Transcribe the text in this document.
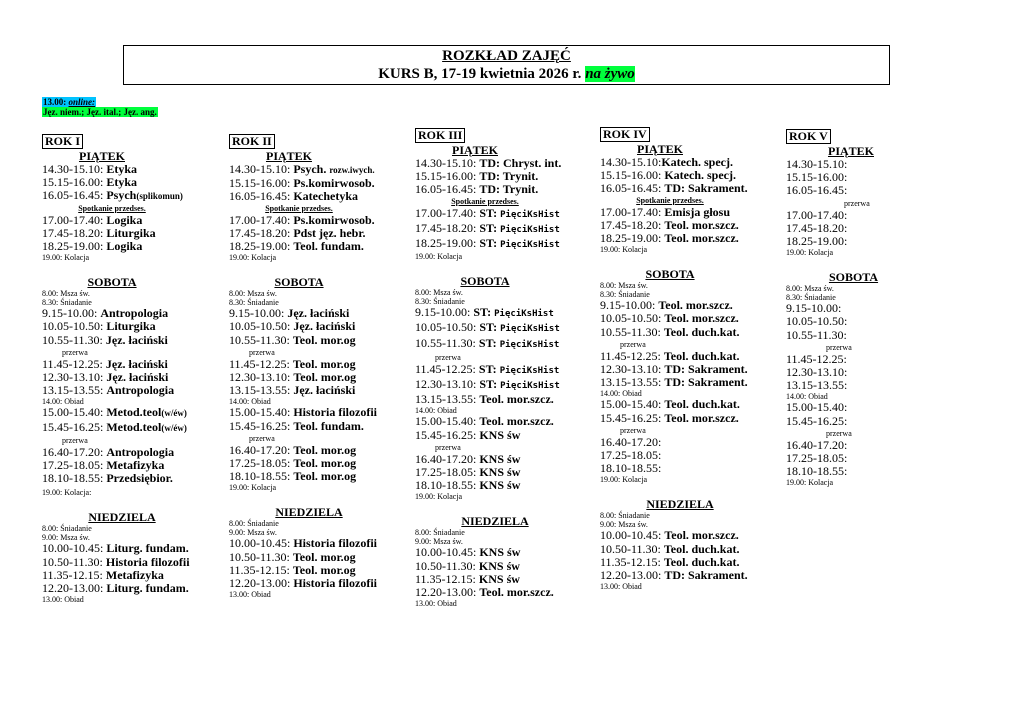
ROZKŁAD ZAJĘĆ
KURS B, 17-19 kwietnia 2026 r. na żywo
13.00: online:
Jęz. niem.; Jęz. ital.; Jęz. ang.
ROK I
PIĄTEK
14.30-15.10: Etyka
15.15-16.00: Etyka
16.05-16.45: Psych(splikomun)
Spotkanie przedses.
17.00-17.40: Logika
17.45-18.20: Liturgika
18.25-19.00: Logika
19.00: Kolacja
SOBOTA
8.00: Msza św.
8.30: Śniadanie
9.15-10.00: Antropologia
10.05-10.50: Liturgika
10.55-11.30: Jęz. łaciński
przerwa
11.45-12.25: Jęz. łaciński
12.30-13.10: Jęz. łaciński
13.15-13.55: Antropologia
14.00: Obiad
15.00-15.40: Metod.teol(w/éw)
15.45-16.25: Metod.teol(w/éw)
przerwa
16.40-17.20: Antropologia
17.25-18.05: Metafizyka
18.10-18.55: Przedsiębior.
19.00: Kolacja:
NIEDZIELA
8.00: Śniadanie
9.00: Msza św.
10.00-10.45: Liturg. fundam.
10.50-11.30: Historia filozofii
11.35-12.15: Metafizyka
12.20-13.00: Liturg. fundam.
13.00: Obiad
ROK II
PIĄTEK
14.30-15.10: Psych. rozw.iwych.
15.15-16.00: Ps.komirwosob.
16.05-16.45: Katechetyka
Spotkanie przedses.
17.00-17.40: Ps.komirwosob.
17.45-18.20: Pdst jęz. hebr.
18.25-19.00: Teol. fundam.
19.00: Kolacja
SOBOTA
8.00: Msza św.
8.30: Śniadanie
9.15-10.00: Jęz. łaciński
10.05-10.50: Jęz. łaciński
10.55-11.30: Teol. mor.og
przerwa
11.45-12.25: Teol. mor.og
12.30-13.10: Teol. mor.og
13.15-13.55: Jęz. łaciński
14.00: Obiad
15.00-15.40: Historia filozofii
15.45-16.25: Teol. fundam.
przerwa
16.40-17.20: Teol. mor.og
17.25-18.05: Teol. mor.og
18.10-18.55: Teol. mor.og
19.00: Kolacja
NIEDZIELA
8.00: Śniadanie
9.00: Msza św.
10.00-10.45: Historia filozofii
10.50-11.30: Teol. mor.og
11.35-12.15: Teol. mor.og
12.20-13.00: Historia filozofii
13.00: Obiad
ROK III
PIĄTEK
14.30-15.10: TD: Chryst. int.
15.15-16.00: TD: Trynit.
16.05-16.45: TD: Trynit.
Spotkanie przedses.
17.00-17.40: ST: PięciKsHist
17.45-18.20: ST: PięciKsHist
18.25-19.00: ST: PięciKsHist
19.00: Kolacja
SOBOTA
8.00: Msza św.
8.30: Śniadanie
9.15-10.00: ST: PięciKsHist
10.05-10.50: ST: PięciKsHist
10.55-11.30: ST: PięciKsHist
przerwa
11.45-12.25: ST: PięciKsHist
12.30-13.10: ST: PięciKsHist
13.15-13.55: Teol. mor.szcz.
14.00: Obiad
15.00-15.40: Teol. mor.szcz.
15.45-16.25: KNS św
przerwa
16.40-17.20: KNS św
17.25-18.05: KNS św
18.10-18.55: KNS św
19.00: Kolacja
NIEDZIELA
8.00: Śniadanie
9.00: Msza św.
10.00-10.45: KNS św
10.50-11.30: KNS św
11.35-12.15: KNS św
12.20-13.00: Teol. mor.szcz.
13.00: Obiad
ROK IV
PIĄTEK
14.30-15.10:Katech. specj.
15.15-16.00: Katech. specj.
16.05-16.45: TD: Sakrament.
Spotkanie przedses.
17.00-17.40: Emisja głosu
17.45-18.20: Teol. mor.szcz.
18.25-19.00: Teol. mor.szcz.
19.00: Kolacja
SOBOTA
8.00: Msza św.
8.30: Śniadanie
9.15-10.00: Teol. mor.szcz.
10.05-10.50: Teol. mor.szcz.
10.55-11.30: Teol. duch.kat.
przerwa
11.45-12.25: Teol. duch.kat.
12.30-13.10: TD: Sakrament.
13.15-13.55: TD: Sakrament.
14.00: Obiad
15.00-15.40: Teol. duch.kat.
15.45-16.25: Teol. mor.szcz.
przerwa
16.40-17.20:
17.25-18.05:
18.10-18.55:
19.00: Kolacja
NIEDZIELA
8.00: Śniadanie
9.00: Msza św.
10.00-10.45: Teol. mor.szcz.
10.50-11.30: Teol. duch.kat.
11.35-12.15: Teol. duch.kat.
12.20-13.00: TD: Sakrament.
13.00: Obiad
ROK V
PIĄTEK
14.30-15.10:
15.15-16.00:
16.05-16.45:
przerwa
17.00-17.40:
17.45-18.20:
18.25-19.00:
19.00: Kolacja
SOBOTA
8.00: Msza św.
8.30: Śniadanie
9.15-10.00:
10.05-10.50:
10.55-11.30:
przerwa
11.45-12.25:
12.30-13.10:
13.15-13.55:
14.00: Obiad
15.00-15.40:
15.45-16.25:
przerwa
16.40-17.20:
17.25-18.05:
18.10-18.55:
19.00: Kolacja
